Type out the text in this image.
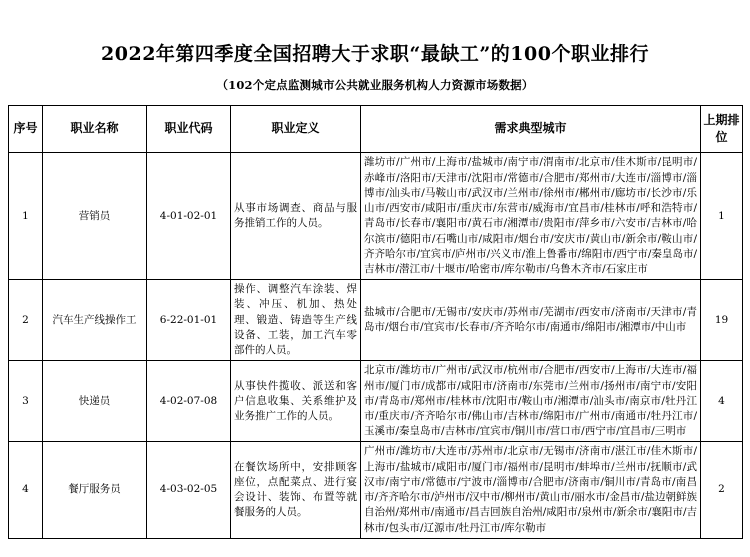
2022年第四季度全国招聘大于求职“最缺工”的100个职业排行
（102个定点监测城市公共就业服务机构人力资源市场数据）
序号	职业名称	职业代码	职业定义	需求典型城市	上期排位
1	营销员	4-01-02-01	从事市场调查、商品与服务推销工作的人员。	潍坊市/广州市/上海市/盐城市/南宁市/渭南市/北京市/佳木斯市/昆明市/赤峰市/洛阳市/天津市/沈阳市/常德市/合肥市/郑州市/大连市/淄博市/淄博市/汕头市/马鞍山市/武汉市/兰州市/徐州市/郴州市/廊坊市/长沙市/乐山市/西安市/咸阳市/重庆市/东营市/威海市/宜昌市/桂林市/呼和浩特市/青岛市/长春市/襄阳市/黄石市/湘潭市/贵阳市/萍乡市/六安市/吉林市/哈尔滨市/德阳市/石嘴山市/咸阳市/烟台市/安庆市/黄山市/新余市/鞍山市/齐齐哈尔市/宜宾市/庐州市/兴义市/淮上鲁番市/绵阳市/西宁市/秦皇岛市/吉林市/潜江市/十堰市/哈密市/库尔勒市/乌鲁木齐市/石家庄市	1
2	汽车生产线操作工	6-22-01-01	操作、调整汽车涂装、焊装、冲压、机加、热处理、锻造、铸造等生产线设备、工装，加工汽车零部件的人员。	盐城市/合肥市/无锡市/安庆市/苏州市/芜湖市/西安市/济南市/天津市/青岛市/烟台市/宜宾市/长春市/齐齐哈尔市/南通市/绵阳市/湘潭市/中山市	19
3	快递员	4-02-07-08	从事快件揽收、派送和客户信息收集、关系维护及业务推广工作的人员。	北京市/潍坊市/广州市/武汉市/杭州市/合肥市/西安市/上海市/大连市/福州市/厦门市/成都市/咸阳市/济南市/东莞市/兰州市/扬州市/南宁市/安阳市/青岛市/郑州市/桂林市/沈阳市/鞍山市/湘潭市/汕头市/南京市/牡丹江市/重庆市/齐齐哈尔市/佛山市/吉林市/绵阳市/广州市/南通市/牡丹江市/玉溪市/秦皇岛市/吉林市/宜宾市/铜川市/营口市/西宁市/宜昌市/三明市	4
4	餐厅服务员	4-03-02-05	在餐饮场所中，安排顾客座位，点配菜点、进行宴会设计、装饰、布置等就餐服务的人员。	广州市/潍坊市/大连市/苏州市/北京市/无锡市/济南市/湛江市/佳木斯市/上海市/盐城市/咸阳市/厦门市/福州市/昆明市/蚌埠市/兰州市/抚顺市/武汉市/南宁市/常德市/宁波市/淄博市/合肥市/济南市/铜川市/青岛市/南昌市/齐齐哈尔市/泸州市/汉中市/柳州市/黄山市/丽水市/金昌市/盐边朝鲜族自治州/郑州市/南通市/昌吉回族自治州/咸阳市/泉州市/新余市/襄阳市/吉林市/包头市/辽源市/牡丹江市/库尔勒市	2
